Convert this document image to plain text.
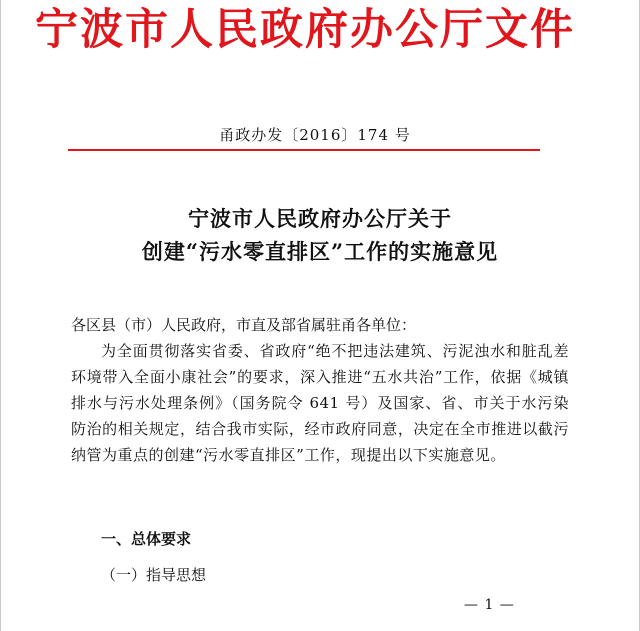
宁波市人民政府办公厅文件
甬政办发〔2016〕174 号
宁波市人民政府办公厅关于
创建“污水零直排区”工作的实施意见
各区县（市）人民政府，市直及部省属驻甬各单位：
为全面贯彻落实省委、省政府“绝不把违法建筑、污泥浊水和脏乱差环境带入全面小康社会”的要求，深入推进“五水共治”工作，依据《城镇排水与污水处理条例》（国务院令 641 号）及国家、省、市关于水污染防治的相关规定，结合我市实际，经市政府同意，决定在全市推进以截污纳管为重点的创建“污水零直排区”工作，现提出以下实施意见。
一、总体要求
（一）指导思想
— 1 —
